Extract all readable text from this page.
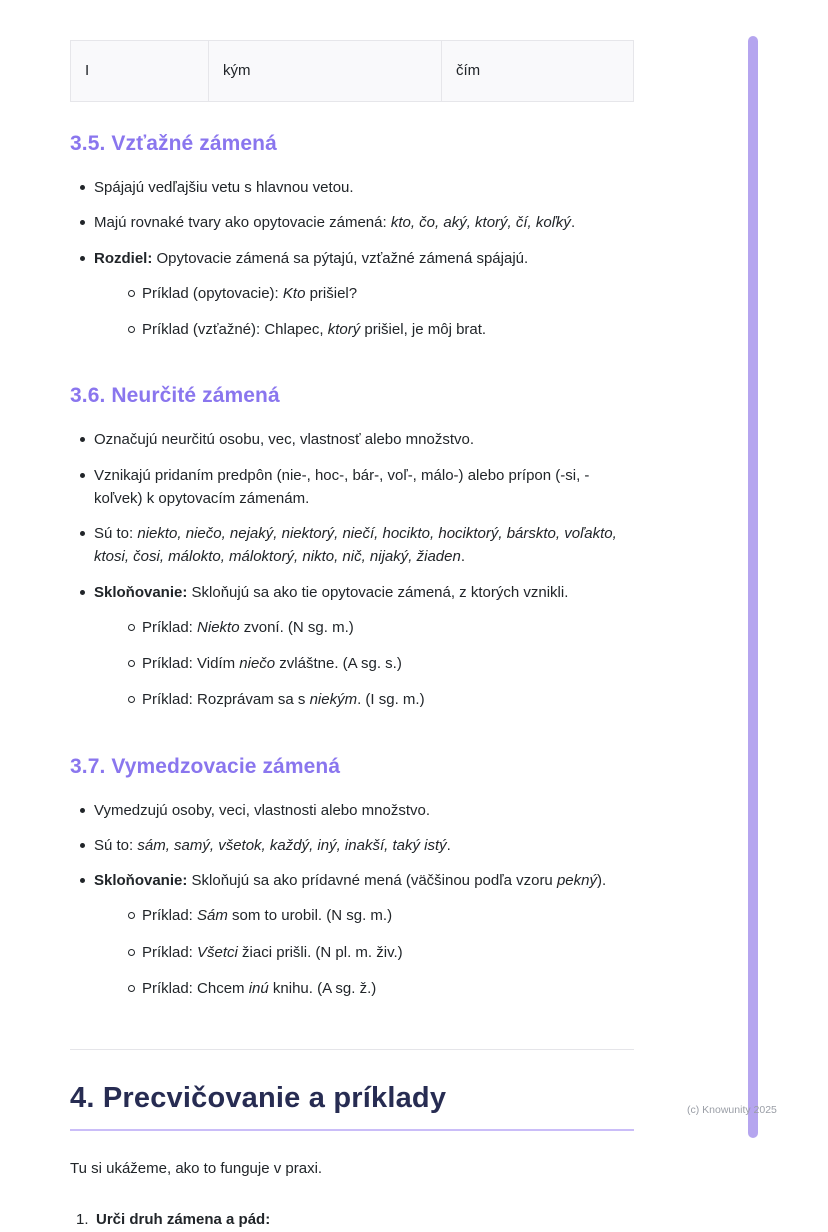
I	kým	čím
3.5. Vzťažné zámená
Spájajú vedľajšiu vetu s hlavnou vetou.
Majú rovnaké tvary ako opytovacie zámená: kto, čo, aký, ktorý, čí, koľký.
Rozdiel: Opytovacie zámená sa pýtajú, vzťažné zámená spájajú.
Príklad (opytovacie): Kto prišiel?
Príklad (vzťažné): Chlapec, ktorý prišiel, je môj brat.
3.6. Neurčité zámená
Označujú neurčitú osobu, vec, vlastnosť alebo množstvo.
Vznikajú pridaním predpôn (nie-, hoc-, bár-, voľ-, málo-) alebo prípon (-si, -koľvek) k opytovacím zámenám.
Sú to: niekto, niečo, nejaký, niektorý, niečí, hocikto, hociktorý, bárskto, voľakto, ktosi, čosi, málokto, máloktorý, nikto, nič, nijaký, žiaden.
Skloňovanie: Skloňujú sa ako tie opytovacie zámená, z ktorých vznikli.
Príklad: Niekto zvoní. (N sg. m.)
Príklad: Vidím niečo zvláštne. (A sg. s.)
Príklad: Rozprávam sa s niekým. (I sg. m.)
3.7. Vymedzovacie zámená
Vymedzujú osoby, veci, vlastnosti alebo množstvo.
Sú to: sám, samý, všetok, každý, iný, inakší, taký istý.
Skloňovanie: Skloňujú sa ako prídavné mená (väčšinou podľa vzoru pekný).
Príklad: Sám som to urobil. (N sg. m.)
Príklad: Všetci žiaci prišli. (N pl. m. živ.)
Príklad: Chcem inú knihu. (A sg. ž.)
4. Precvičovanie a príklady

Tu si ukážeme, ako to funguje v praxi.

1. Urči druh zámena a pád:
(c) Knowunity 2025
